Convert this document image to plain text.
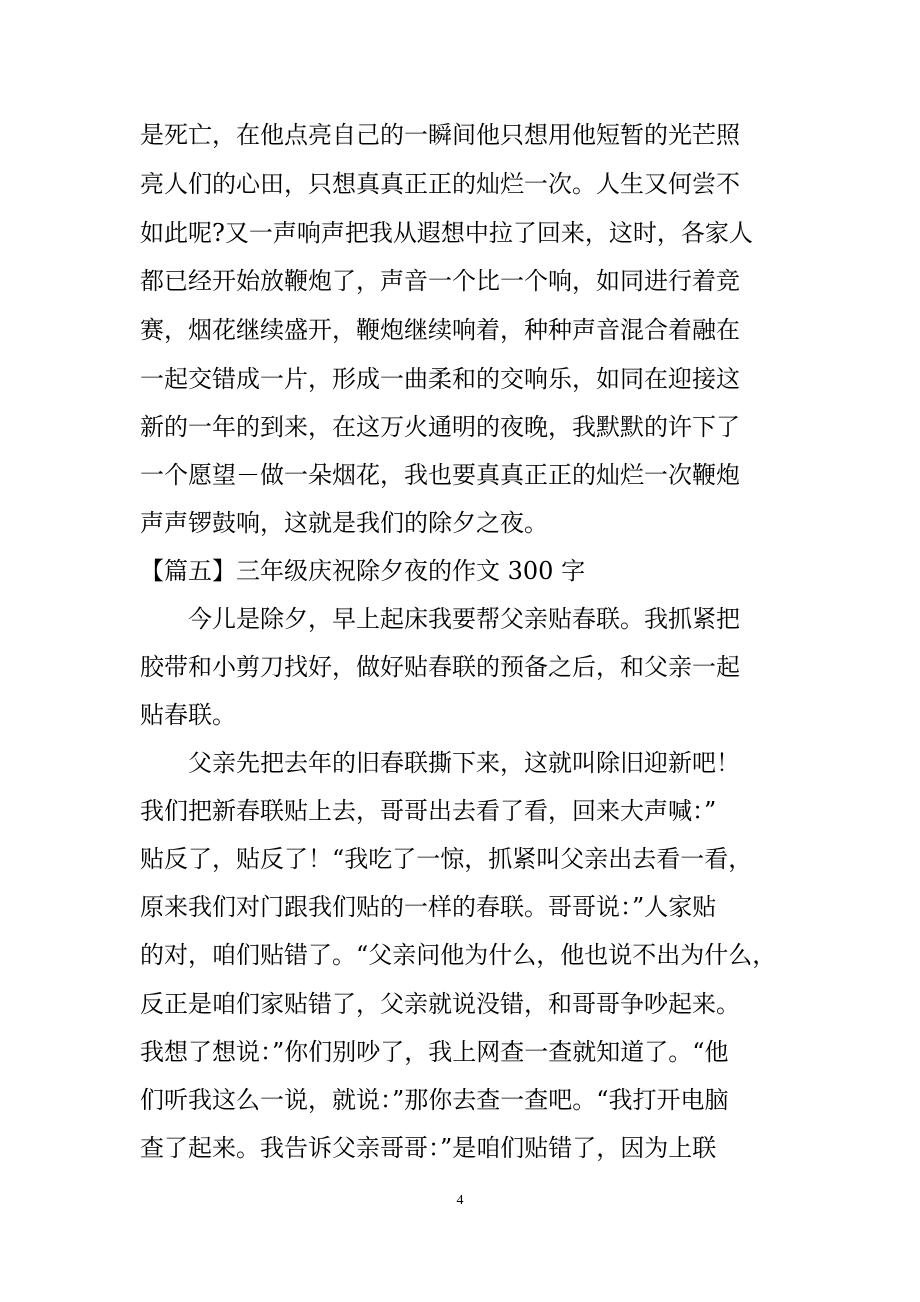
是死亡，在他点亮自己的一瞬间他只想用他短暂的光芒照
亮人们的心田，只想真真正正的灿烂一次。人生又何尝不
如此呢?又一声响声把我从遐想中拉了回来，这时，各家人
都已经开始放鞭炮了，声音一个比一个响，如同进行着竞
赛，烟花继续盛开，鞭炮继续响着，种种声音混合着融在
一起交错成一片，形成一曲柔和的交响乐，如同在迎接这
新的一年的到来，在这万火通明的夜晚，我默默的许下了
一个愿望－做一朵烟花，我也要真真正正的灿烂一次鞭炮
声声锣鼓响，这就是我们的除夕之夜。
【篇五】三年级庆祝除夕夜的作文 300 字
今儿是除夕，早上起床我要帮父亲贴春联。我抓紧把
胶带和小剪刀找好，做好贴春联的预备之后，和父亲一起
贴春联。
父亲先把去年的旧春联撕下来，这就叫除旧迎新吧！
我们把新春联贴上去，哥哥出去看了看，回来大声喊：”
贴反了，贴反了！“我吃了一惊，抓紧叫父亲出去看一看，
原来我们对门跟我们贴的一样的春联。哥哥说：”人家贴
的对，咱们贴错了。“父亲问他为什么，他也说不出为什么，
反正是咱们家贴错了，父亲就说没错，和哥哥争吵起来。
我想了想说：”你们别吵了，我上网查一查就知道了。“他
们听我这么一说，就说：”那你去查一查吧。“我打开电脑
查了起来。我告诉父亲哥哥：”是咱们贴错了，因为上联
4
